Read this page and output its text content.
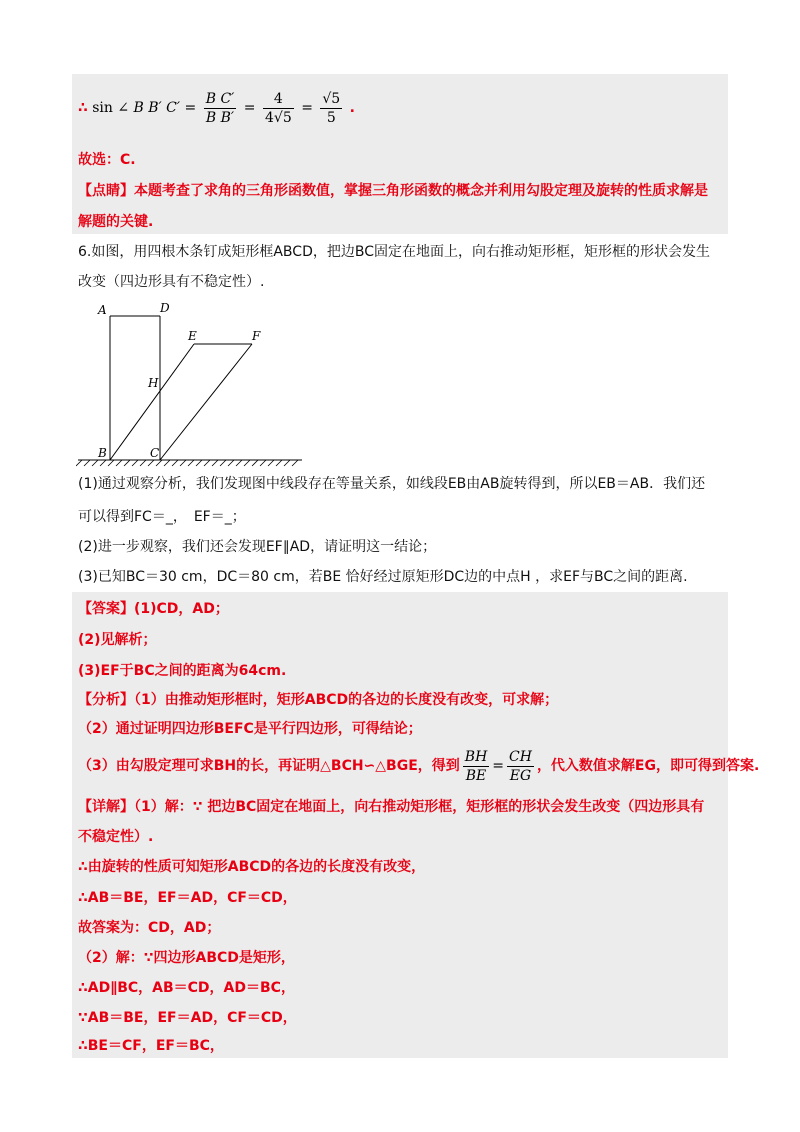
∴ sin ∠ B B′ $C' = \frac{\text{B C′}}{\text{B B′}} = \frac{4}{4√5} = \frac{√5}{5}$ .
故选：C.
【点睛】本题考查了求角的三角形函数值，掌握三角形函数的概念并利用勾股定理及旋转的性质求解是
解题的关键.
6.如图，用四根木条钉成矩形框ABCD，把边BC固定在地面上，向右推动矩形框，矩形框的形状会发生
改变（四边形具有不稳定性）.
A	D
E	F
H
B	C
(1)通过观察分析，我们发现图中线段存在等量关系，如线段EB由AB旋转得到，所以EB＝AB．我们还
可以得到FC＝_，　EF＝_；
(2)进一步观察，我们还会发现EF∥AD，请证明这一结论；
(3)已知BC＝30 cm，DC＝80 cm，若BE 恰好经过原矩形DC边的中点H ，求EF与BC之间的距离.
【答案】(1)CD，AD；
(2)见解析；
(3)EF于BC之间的距离为64cm.
【分析】（1）由推动矩形框时，矩形ABCD的各边的长度没有改变，可求解；
（2）通过证明四边形BEFC是平行四边形，可得结论；
（3）由勾股定理可求BH的长，再证明△BCH∽△BGE，得到 $\frac{BH}{BE} = \frac{CH}{EG}$ ，代入数值求解EG，即可得到答案.
【详解】（1）解：∵ 把边BC固定在地面上，向右推动矩形框，矩形框的形状会发生改变（四边形具有
不稳定性）.
∴由旋转的性质可知矩形ABCD的各边的长度没有改变，
∴AB＝BE，EF＝AD，CF＝CD，
故答案为：CD，AD；
（2）解：∵四边形ABCD是矩形，
∴AD∥BC，AB＝CD，AD＝BC，
∵AB＝BE，EF＝AD，CF＝CD，
∴BE＝CF，EF＝BC，
